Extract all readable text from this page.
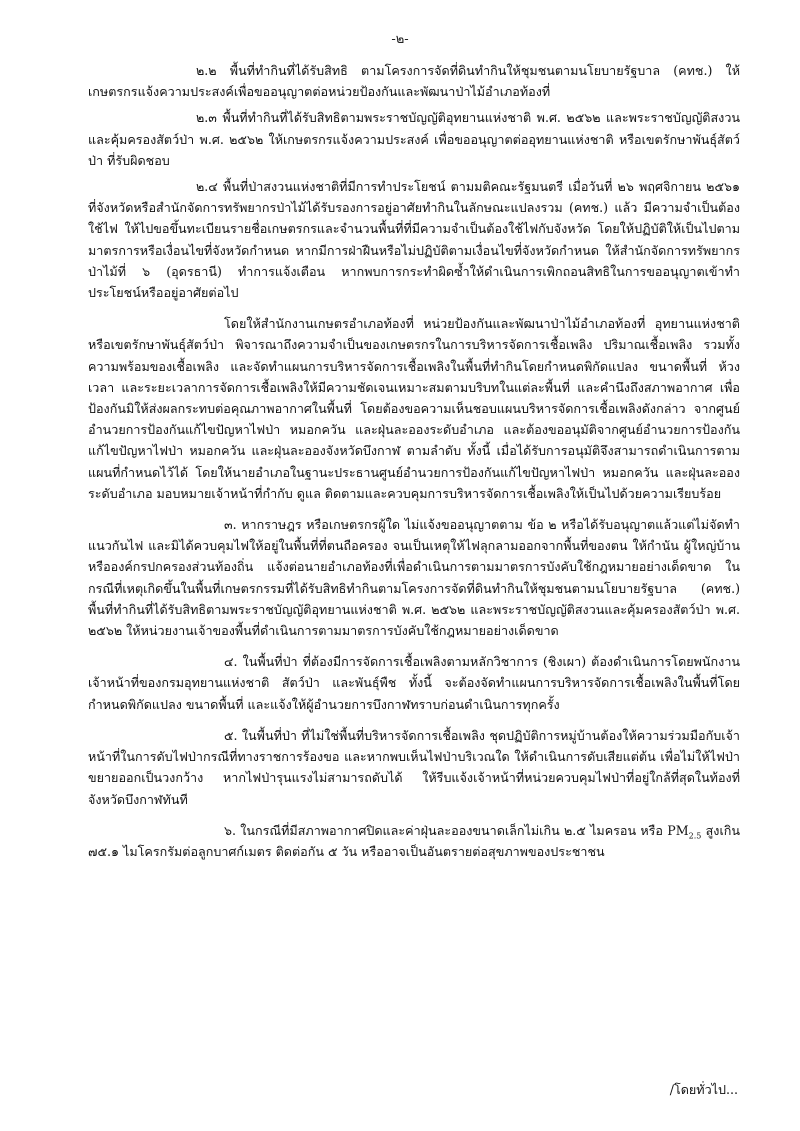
-๒-

๒.๒ พื้นที่ทำกินที่ได้รับสิทธิ ตามโครงการจัดที่ดินทำกินให้ชุมชนตามนโยบายรัฐบาล (คทช.) ให้เกษตรกรแจ้งความประสงค์เพื่อขออนุญาตต่อหน่วยป้องกันและพัฒนาป่าไม้อำเภอท้องที่

๒.๓ พื้นที่ทำกินที่ได้รับสิทธิตามพระราชบัญญัติอุทยานแห่งชาติ พ.ศ. ๒๕๖๒ และพระราชบัญญัติสงวนและคุ้มครองสัตว์ป่า พ.ศ. ๒๕๖๒ ให้เกษตรกรแจ้งความประสงค์ เพื่อขออนุญาตต่ออุทยานแห่งชาติ หรือเขตรักษาพันธุ์สัตว์ป่า ที่รับผิดชอบ

๒.๔ พื้นที่ป่าสงวนแห่งชาติที่มีการทำประโยชน์ ตามมติคณะรัฐมนตรี เมื่อวันที่ ๒๖ พฤศจิกายน ๒๕๖๑ ที่จังหวัดหรือสำนักจัดการทรัพยากรป่าไม้ได้รับรองการอยู่อาศัยทำกินในลักษณะแปลงรวม (คทช.) แล้ว มีความจำเป็นต้องใช้ไฟ ให้ไปขอขึ้นทะเบียนรายชื่อเกษตรกรและจำนวนพื้นที่ที่มีความจำเป็นต้องใช้ไฟกับจังหวัด โดยให้ปฏิบัติให้เป็นไปตามมาตรการหรือเงื่อนไขที่จังหวัดกำหนด หากมีการฝ่าฝืนหรือไม่ปฏิบัติตามเงื่อนไขที่จังหวัดกำหนด ให้สำนักจัดการทรัพยากรป่าไม้ที่ ๖ (อุดรธานี) ทำการแจ้งเตือน หากพบการกระทำผิดซ้ำให้ดำเนินการเพิกถอนสิทธิในการขออนุญาตเข้าทำประโยชน์หรืออยู่อาศัยต่อไป

โดยให้สำนักงานเกษตรอำเภอท้องที่ หน่วยป้องกันและพัฒนาป่าไม้อำเภอท้องที่ อุทยานแห่งชาติ หรือเขตรักษาพันธุ์สัตว์ป่า พิจารณาถึงความจำเป็นของเกษตรกรในการบริหารจัดการเชื้อเพลิง ปริมาณเชื้อเพลิง รวมทั้งความพร้อมของเชื้อเพลิง และจัดทำแผนการบริหารจัดการเชื้อเพลิงในพื้นที่ทำกินโดยกำหนดพิกัดแปลง ขนาดพื้นที่ ห้วงเวลา และระยะเวลาการจัดการเชื้อเพลิงให้มีความชัดเจนเหมาะสมตามบริบทในแต่ละพื้นที่ และคำนึงถึงสภาพอากาศ เพื่อป้องกันมิให้ส่งผลกระทบต่อคุณภาพอากาศในพื้นที่ โดยต้องขอความเห็นชอบแผนบริหารจัดการเชื้อเพลิงดังกล่าว จากศูนย์อำนวยการป้องกันแก้ไขปัญหาไฟป่า หมอกควัน และฝุ่นละอองระดับอำเภอ และต้องขออนุมัติจากศูนย์อำนวยการป้องกันแก้ไขปัญหาไฟป่า หมอกควัน และฝุ่นละอองจังหวัดบึงกาฬ ตามลำดับ ทั้งนี้ เมื่อได้รับการอนุมัติจึงสามารถดำเนินการตามแผนที่กำหนดไว้ได้ โดยให้นายอำเภอในฐานะประธานศูนย์อำนวยการป้องกันแก้ไขปัญหาไฟป่า หมอกควัน และฝุ่นละอองระดับอำเภอ มอบหมายเจ้าหน้าที่กำกับ ดูแล ติดตามและควบคุมการบริหารจัดการเชื้อเพลิงให้เป็นไปด้วยความเรียบร้อย

๓. หากราษฎร หรือเกษตรกรผู้ใด ไม่แจ้งขออนุญาตตาม ข้อ ๒ หรือได้รับอนุญาตแล้วแต่ไม่จัดทำแนวกันไฟ และมิได้ควบคุมไฟให้อยู่ในพื้นที่ที่ตนถือครอง จนเป็นเหตุให้ไฟลุกลามออกจากพื้นที่ของตน ให้กำนัน ผู้ใหญ่บ้าน หรือองค์กรปกครองส่วนท้องถิ่น แจ้งต่อนายอำเภอท้องที่เพื่อดำเนินการตามมาตรการบังคับใช้กฎหมายอย่างเด็ดขาด ในกรณีที่เหตุเกิดขึ้นในพื้นที่เกษตรกรรมที่ได้รับสิทธิทำกินตามโครงการจัดที่ดินทำกินให้ชุมชนตามนโยบายรัฐบาล (คทช.) พื้นที่ทำกินที่ได้รับสิทธิตามพระราชบัญญัติอุทยานแห่งชาติ พ.ศ. ๒๕๖๒ และพระราชบัญญัติสงวนและคุ้มครองสัตว์ป่า พ.ศ. ๒๕๖๒ ให้หน่วยงานเจ้าของพื้นที่ดำเนินการตามมาตรการบังคับใช้กฎหมายอย่างเด็ดขาด

๔. ในพื้นที่ป่า ที่ต้องมีการจัดการเชื้อเพลิงตามหลักวิชาการ (ชิงเผา) ต้องดำเนินการโดยพนักงาน เจ้าหน้าที่ของกรมอุทยานแห่งชาติ สัตว์ป่า และพันธุ์พืช ทั้งนี้ จะต้องจัดทำแผนการบริหารจัดการเชื้อเพลิงในพื้นที่โดยกำหนดพิกัดแปลง ขนาดพื้นที่ และแจ้งให้ผู้อำนวยการบึงกาฬทราบก่อนดำเนินการทุกครั้ง

๕. ในพื้นที่ป่า ที่ไม่ใช่พื้นที่บริหารจัดการเชื้อเพลิง ชุดปฏิบัติการหมู่บ้านต้องให้ความร่วมมือกับเจ้าหน้าที่ในการดับไฟป่ากรณีที่ทางราชการร้องขอ และหากพบเห็นไฟป่าบริเวณใด ให้ดำเนินการดับเสียแต่ต้น เพื่อไม่ให้ไฟป่าขยายออกเป็นวงกว้าง หากไฟป่ารุนแรงไม่สามารถดับได้ ให้รีบแจ้งเจ้าหน้าที่หน่วยควบคุมไฟป่าที่อยู่ใกล้ที่สุดในท้องที่จังหวัดบึงกาฬทันที

๖. ในกรณีที่มีสภาพอากาศปิดและค่าฝุ่นละอองขนาดเล็กไม่เกิน ๒.๕ ไมครอน หรือ $PM_{2.5}$ สูงเกิน ๗๕.๑ ไมโครกรัมต่อลูกบาศก์เมตร ติดต่อกัน ๕ วัน หรืออาจเป็นอันตรายต่อสุขภาพของประชาชน

/โดยทั่วไป...
